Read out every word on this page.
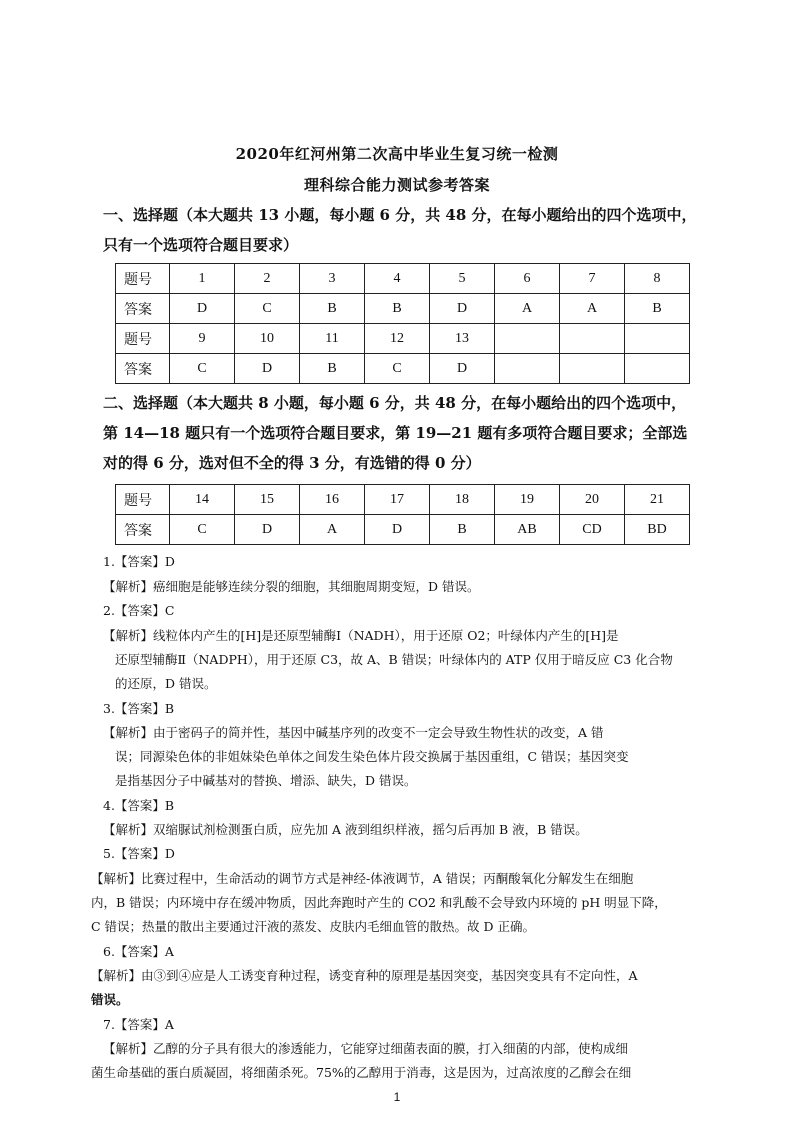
2020年红河州第二次高中毕业生复习统一检测
理科综合能力测试参考答案
一、选择题（本大题共 13 小题，每小题 6 分，共 48 分，在每小题给出的四个选项中，
只有一个选项符合题目要求）
题号	1	2	3	4	5	6	7	8
答案	D	C	B	B	D	A	A	B
题号	9	10	11	12	13			
答案	C	D	B	C	D			
二、选择题（本大题共 8 小题，每小题 6 分，共 48 分，在每小题给出的四个选项中，
第 14—18 题只有一个选项符合题目要求，第 19—21 题有多项符合题目要求；全部选
对的得 6 分，选对但不全的得 3 分，有选错的得 0 分）
题号	14	15	16	17	18	19	20	21
答案	C	D	A	D	B	AB	CD	BD
1.【答案】D
【解析】癌细胞是能够连续分裂的细胞，其细胞周期变短，D 错误。
2.【答案】C
【解析】线粒体内产生的[H]是还原型辅酶Ⅰ（NADH），用于还原 O2；叶绿体内产生的[H]是
还原型辅酶Ⅱ（NADPH），用于还原 C3，故 A、B 错误；叶绿体内的 ATP 仅用于暗反应 C3 化合物
的还原，D 错误。
3.【答案】B
【解析】由于密码子的简并性，基因中碱基序列的改变不一定会导致生物性状的改变，A 错
误；同源染色体的非姐妹染色单体之间发生染色体片段交换属于基因重组，C 错误；基因突变
是指基因分子中碱基对的替换、增添、缺失，D 错误。
4.【答案】B
【解析】双缩脲试剂检测蛋白质，应先加 A 液到组织样液，摇匀后再加 B 液，B 错误。
5.【答案】D
【解析】比赛过程中，生命活动的调节方式是神经-体液调节，A 错误；丙酮酸氧化分解发生在细胞
内，B 错误；内环境中存在缓冲物质，因此奔跑时产生的 CO2 和乳酸不会导致内环境的 pH 明显下降，
C 错误；热量的散出主要通过汗液的蒸发、皮肤内毛细血管的散热。故 D 正确。
6.【答案】A
【解析】由③到④应是人工诱变育种过程，诱变育种的原理是基因突变，基因突变具有不定向性，A
错误。
7.【答案】A
【解析】乙醇的分子具有很大的渗透能力，它能穿过细菌表面的膜，打入细菌的内部，使构成细
菌生命基础的蛋白质凝固，将细菌杀死。75%的乙醇用于消毒，这是因为，过高浓度的乙醇会在细
1
